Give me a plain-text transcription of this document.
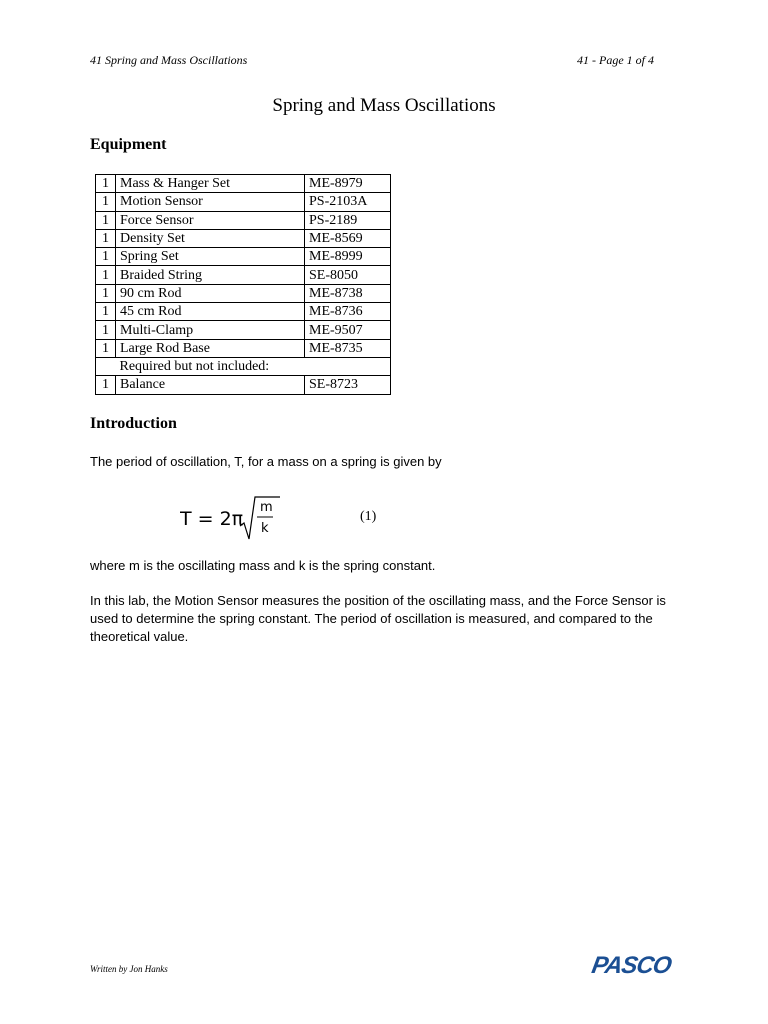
41 Spring and Mass Oscillations	41 - Page 1 of 4
Spring and Mass Oscillations
Equipment
1	Mass & Hanger Set	ME-8979
1	Motion Sensor	PS-2103A
1	Force Sensor	PS-2189
1	Density Set	ME-8569
1	Spring Set	ME-8999
1	Braided String	SE-8050
1	90 cm Rod	ME-8738
1	45 cm Rod	ME-8736
1	Multi-Clamp	ME-9507
1	Large Rod Base	ME-8735
	Required but not included:	
1	Balance	SE-8723
Introduction
The period of oscillation, T, for a mass on a spring is given by
T = 2π
m
k
(1)
where m is the oscillating mass and k is the spring constant.
In this lab, the Motion Sensor measures the position of the oscillating mass, and the Force Sensor is used to determine the spring constant. The period of oscillation is measured, and compared to the theoretical value.
Written by Jon Hanks	PASCO
